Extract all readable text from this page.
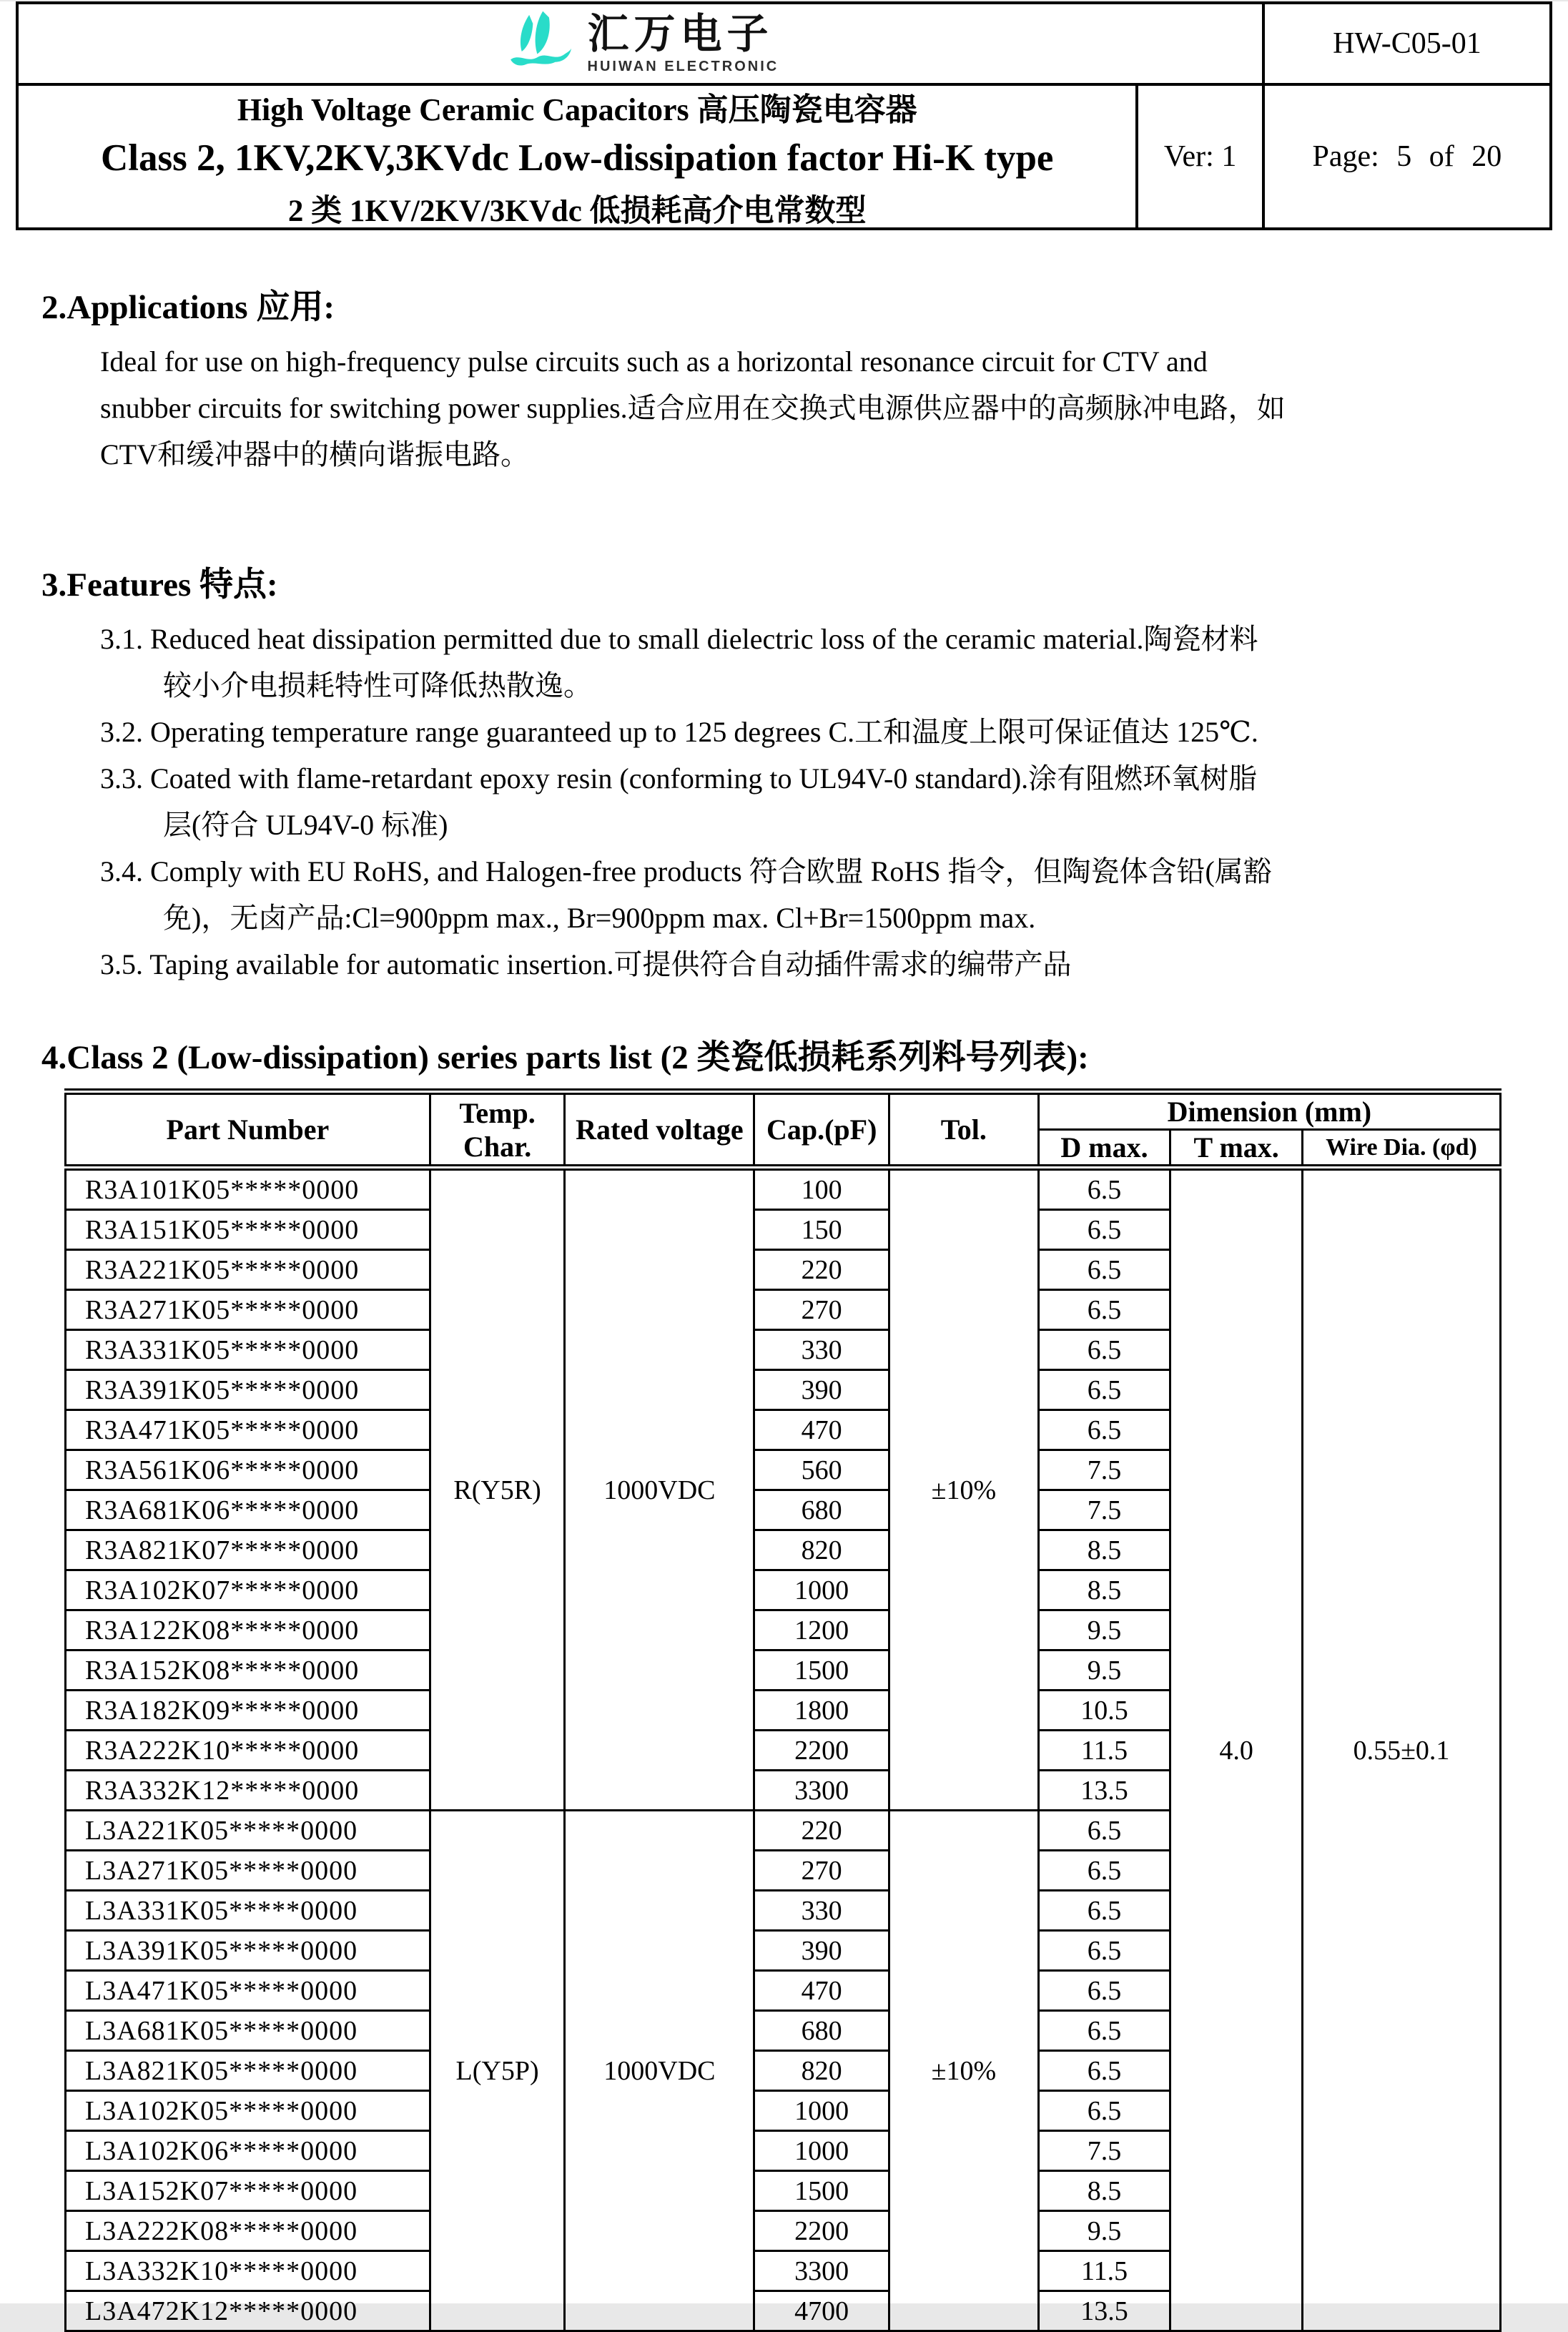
汇万电子
HUIWAN ELECTRONIC
HW-C05-01
High Voltage Ceramic Capacitors 高压陶瓷电容器
Class 2, 1KV,2KV,3KVdc Low-dissipation factor Hi-K type
2 类 1KV/2KV/3KVdc 低损耗高介电常数型
Ver: 1	Page: 5 of 20
2.Applications 应用:
Ideal for use on high-frequency pulse circuits such as a horizontal resonance circuit for CTV and
snubber circuits for switching power supplies.适合应用在交换式电源供应器中的高频脉冲电路，如
CTV和缓冲器中的横向谐振电路。
3.Features 特点:
3.1. Reduced heat dissipation permitted due to small dielectric loss of the ceramic material.陶瓷材料
较小介电损耗特性可降低热散逸。
3.2. Operating temperature range guaranteed up to 125 degrees C.工和温度上限可保证值达 125℃.
3.3. Coated with flame-retardant epoxy resin (conforming to UL94V-0 standard).涂有阻燃环氧树脂
层(符合 UL94V-0 标准)
3.4. Comply with EU RoHS, and Halogen-free products 符合欧盟 RoHS 指令，但陶瓷体含铅(属豁
免)，无卤产品:Cl=900ppm max., Br=900ppm max. Cl+Br=1500ppm max.
3.5. Taping available for automatic insertion.可提供符合自动插件需求的编带产品
4.Class 2 (Low-dissipation) series parts list (2 类瓷低损耗系列料号列表):
Part Number	Temp. Char.	Rated voltage	Cap.(pF)	Tol.	Dimension (mm)		
					D max.	T max.	Wire Dia. (φd)
R3A101K05*****0000	R(Y5R)	1000VDC	100	±10%	6.5	4.0	0.55±0.1
R3A151K05*****0000			150		6.5		
R3A221K05*****0000			220		6.5		
R3A271K05*****0000			270		6.5		
R3A331K05*****0000			330		6.5		
R3A391K05*****0000			390		6.5		
R3A471K05*****0000			470		6.5		
R3A561K06*****0000			560		7.5		
R3A681K06*****0000			680		7.5		
R3A821K07*****0000			820		8.5		
R3A102K07*****0000			1000		8.5		
R3A122K08*****0000			1200		9.5		
R3A152K08*****0000			1500		9.5		
R3A182K09*****0000			1800		10.5		
R3A222K10*****0000			2200		11.5		
R3A332K12*****0000			3300		13.5		
L3A221K05*****0000	L(Y5P)	1000VDC	220	±10%	6.5		
L3A271K05*****0000			270		6.5		
L3A331K05*****0000			330		6.5		
L3A391K05*****0000			390		6.5		
L3A471K05*****0000			470		6.5		
L3A681K05*****0000			680		6.5		
L3A821K05*****0000			820		6.5		
L3A102K05*****0000			1000		6.5		
L3A102K06*****0000			1000		7.5		
L3A152K07*****0000			1500		8.5		
L3A222K08*****0000			2200		9.5		
L3A332K10*****0000			3300		11.5		
L3A472K12*****0000			4700		13.5		
